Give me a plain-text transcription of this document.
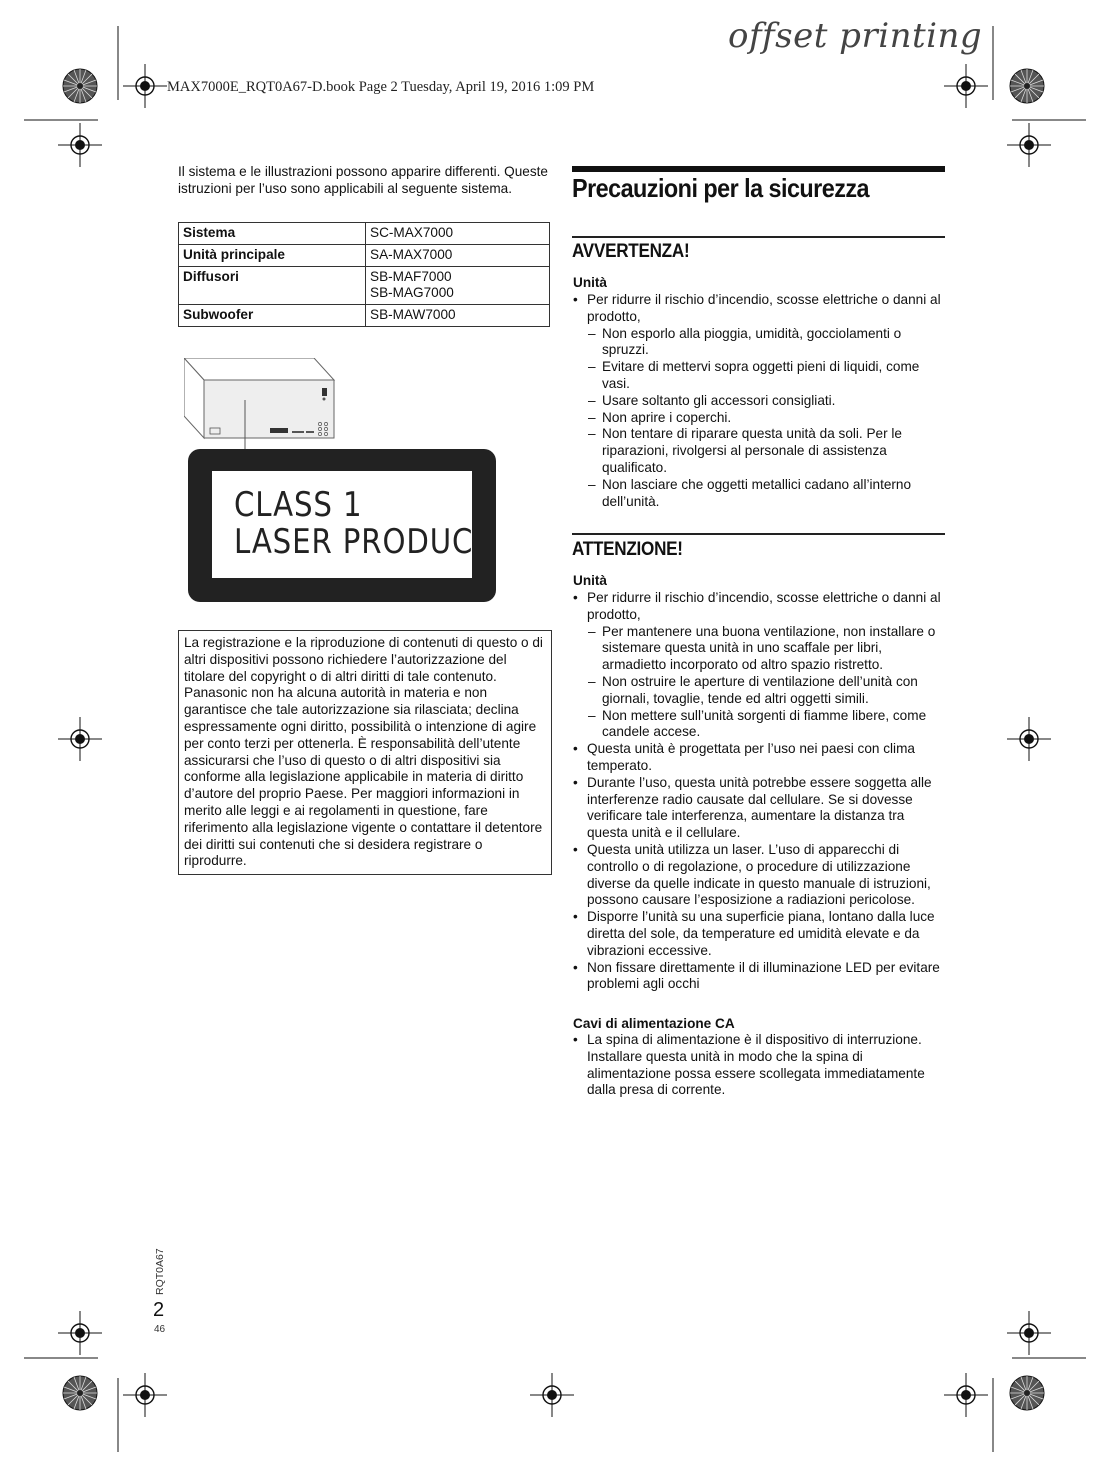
offset printing
MAX7000E_RQT0A67-D.book Page 2 Tuesday, April 19, 2016 1:09 PM
Il sistema e le illustrazioni possono apparire differenti. Queste istruzioni per l’uso sono applicabili al seguente sistema.
Sistema	SC-MAX7000
Unità principale	SA-MAX7000
Diffusori	SB-MAF7000
SB-MAG7000
Subwoofer	SB-MAW7000
CLASS 1
LASER PRODUCT
La registrazione e la riproduzione di contenuti di questo o di altri dispositivi possono richiedere l’autorizzazione del titolare del copyright o di altri diritti di tale contenuto. Panasonic non ha alcuna autorità in materia e non garantisce che tale autorizzazione sia rilasciata; declina espressamente ogni diritto, possibilità o intenzione di agire per conto terzi per ottenerla. È responsabilità dell’utente assicurarsi che l’uso di questo o di altri dispositivi sia conforme alla legislazione applicabile in materia di diritto d’autore del proprio Paese. Per maggiori informazioni in merito alle leggi e ai regolamenti in questione, fare riferimento alla legislazione vigente o contattare il detentore dei diritti sui contenuti che si desidera registrare o riprodurre.
Precauzioni per la sicurezza
AVVERTENZA!
Unità
• Per ridurre il rischio d’incendio, scosse elettriche o danni al prodotto,
– Non esporlo alla pioggia, umidità, gocciolamenti o spruzzi.
– Evitare di mettervi sopra oggetti pieni di liquidi, come vasi.
– Usare soltanto gli accessori consigliati.
– Non aprire i coperchi.
– Non tentare di riparare questa unità da soli. Per le riparazioni, rivolgersi al personale di assistenza qualificato.
– Non lasciare che oggetti metallici cadano all’interno dell’unità.
ATTENZIONE!
Unità
• Per ridurre il rischio d’incendio, scosse elettriche o danni al prodotto,
– Per mantenere una buona ventilazione, non installare o sistemare questa unità in uno scaffale per libri, armadietto incorporato od altro spazio ristretto.
– Non ostruire le aperture di ventilazione dell’unità con giornali, tovaglie, tende ed altri oggetti simili.
– Non mettere sull’unità sorgenti di fiamme libere, come candele accese.
• Questa unità è progettata per l’uso nei paesi con clima temperato.
• Durante l’uso, questa unità potrebbe essere soggetta alle interferenze radio causate dal cellulare. Se si dovesse verificare tale interferenza, aumentare la distanza tra questa unità e il cellulare.
• Questa unità utilizza un laser. L’uso di apparecchi di controllo o di regolazione, o procedure di utilizzazione diverse da quelle indicate in questo manuale di istruzioni, possono causare l’esposizione a radiazioni pericolose.
• Disporre l’unità su una superficie piana, lontano dalla luce diretta del sole, da temperature ed umidità elevate e da vibrazioni eccessive.
• Non fissare direttamente il di illuminazione LED per evitare problemi agli occhi
Cavi di alimentazione CA
• La spina di alimentazione è il dispositivo di interruzione. Installare questa unità in modo che la spina di alimentazione possa essere scollegata immediatamente dalla presa di corrente.
RQT0A67
2
46
